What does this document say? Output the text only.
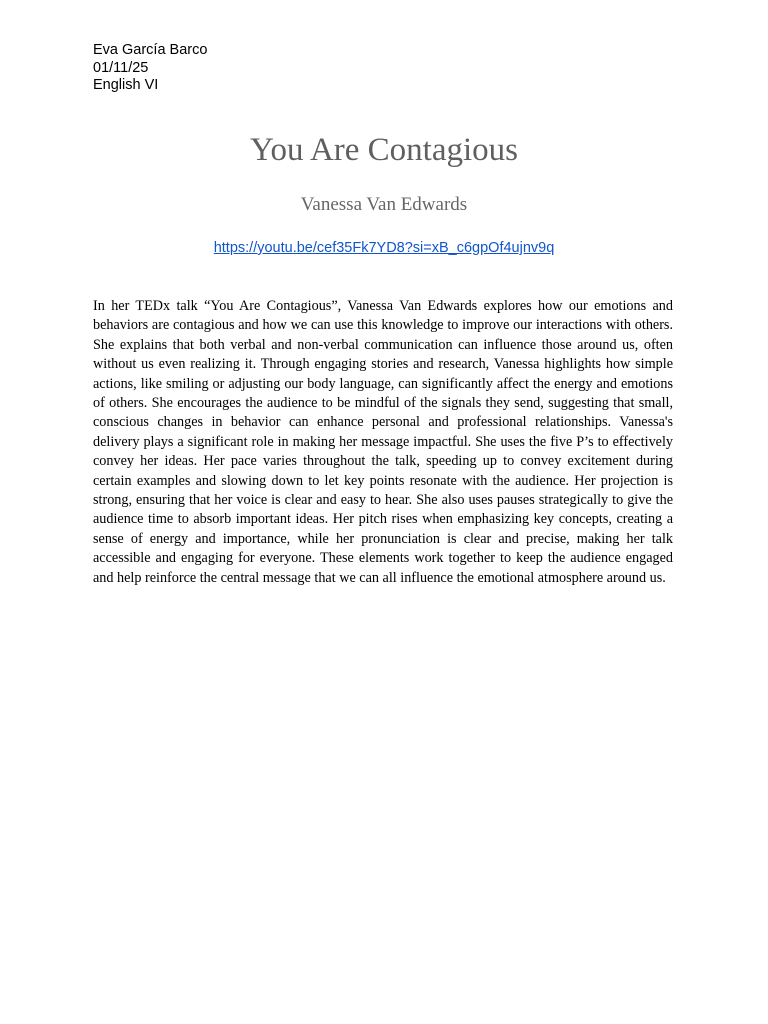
Eva García Barco
01/11/25
English VI
You Are Contagious
Vanessa Van Edwards
https://youtu.be/cef35Fk7YD8?si=xB_c6gpOf4ujnv9q

In her TEDx talk “You Are Contagious”, Vanessa Van Edwards explores how our emotions and behaviors are contagious and how we can use this knowledge to improve our interactions with others. She explains that both verbal and non-verbal communication can influence those around us, often without us even realizing it. Through engaging stories and research, Vanessa highlights how simple actions, like smiling or adjusting our body language, can significantly affect the energy and emotions of others. She encourages the audience to be mindful of the signals they send, suggesting that small, conscious changes in behavior can enhance personal and professional relationships. Vanessa's delivery plays a significant role in making her message impactful. She uses the five P’s to effectively convey her ideas. Her pace varies throughout the talk, speeding up to convey excitement during certain examples and slowing down to let key points resonate with the audience. Her projection is strong, ensuring that her voice is clear and easy to hear. She also uses pauses strategically to give the audience time to absorb important ideas. Her pitch rises when emphasizing key concepts, creating a sense of energy and importance, while her pronunciation is clear and precise, making her talk accessible and engaging for everyone. These elements work together to keep the audience engaged and help reinforce the central message that we can all influence the emotional atmosphere around us.
